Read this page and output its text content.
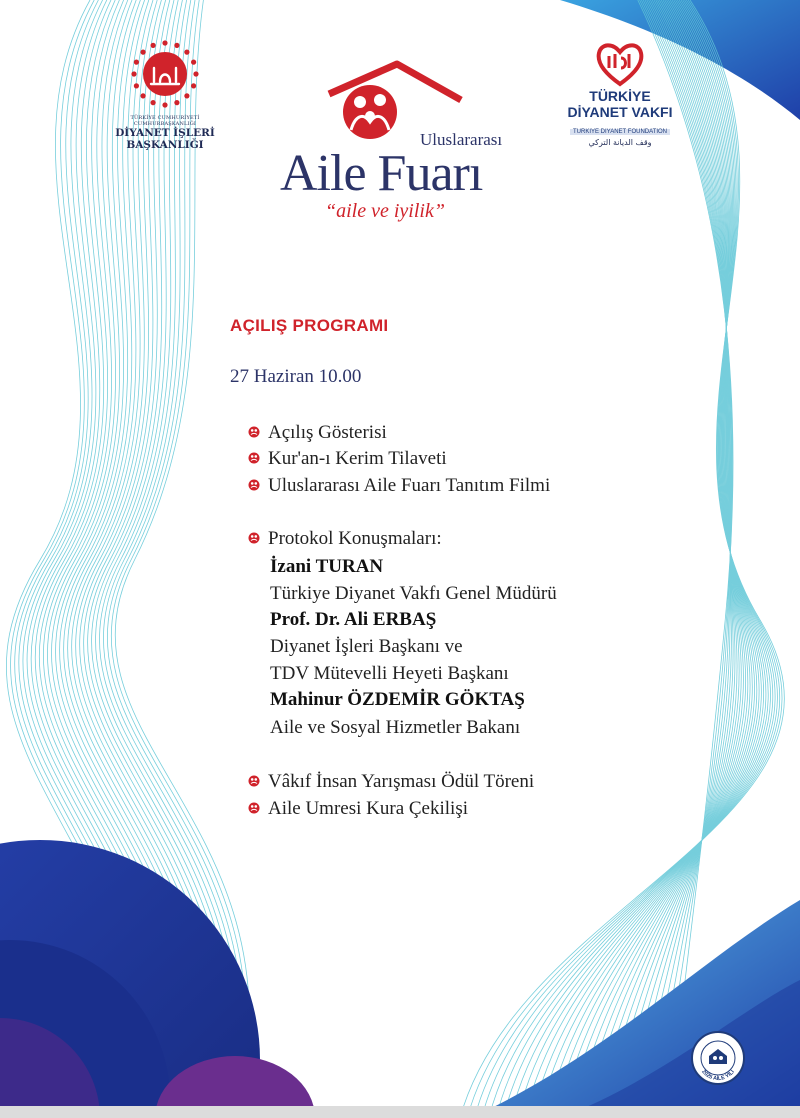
TÜRKİYE CUMHURİYETİ
CUMHURBAŞKANLIĞI
DİYANET İŞLERİ
BAŞKANLIĞI	Uluslararası
Aile Fuarı
“aile ve iyilik”
TÜRKİYE
DİYANET VAKFI
TURKIYE DIYANET FOUNDATION
وقف الديانة التركي
AÇILIŞ PROGRAMI
27 Haziran 10.00
Açılış Gösterisi
Kur'an-ı Kerim Tilaveti
Uluslararası Aile Fuarı Tanıtım Filmi
Protokol Konuşmaları:
İzani TURAN
Türkiye Diyanet Vakfı Genel Müdürü
Prof. Dr. Ali ERBAŞ
Diyanet İşleri Başkanı ve
TDV Mütevelli Heyeti Başkanı
Mahinur ÖZDEMİR GÖKTAŞ
Aile ve Sosyal Hizmetler Bakanı
Vâkıf İnsan Yarışması Ödül Töreni
Aile Umresi Kura Çekilişi
2025 AİLE YILI
